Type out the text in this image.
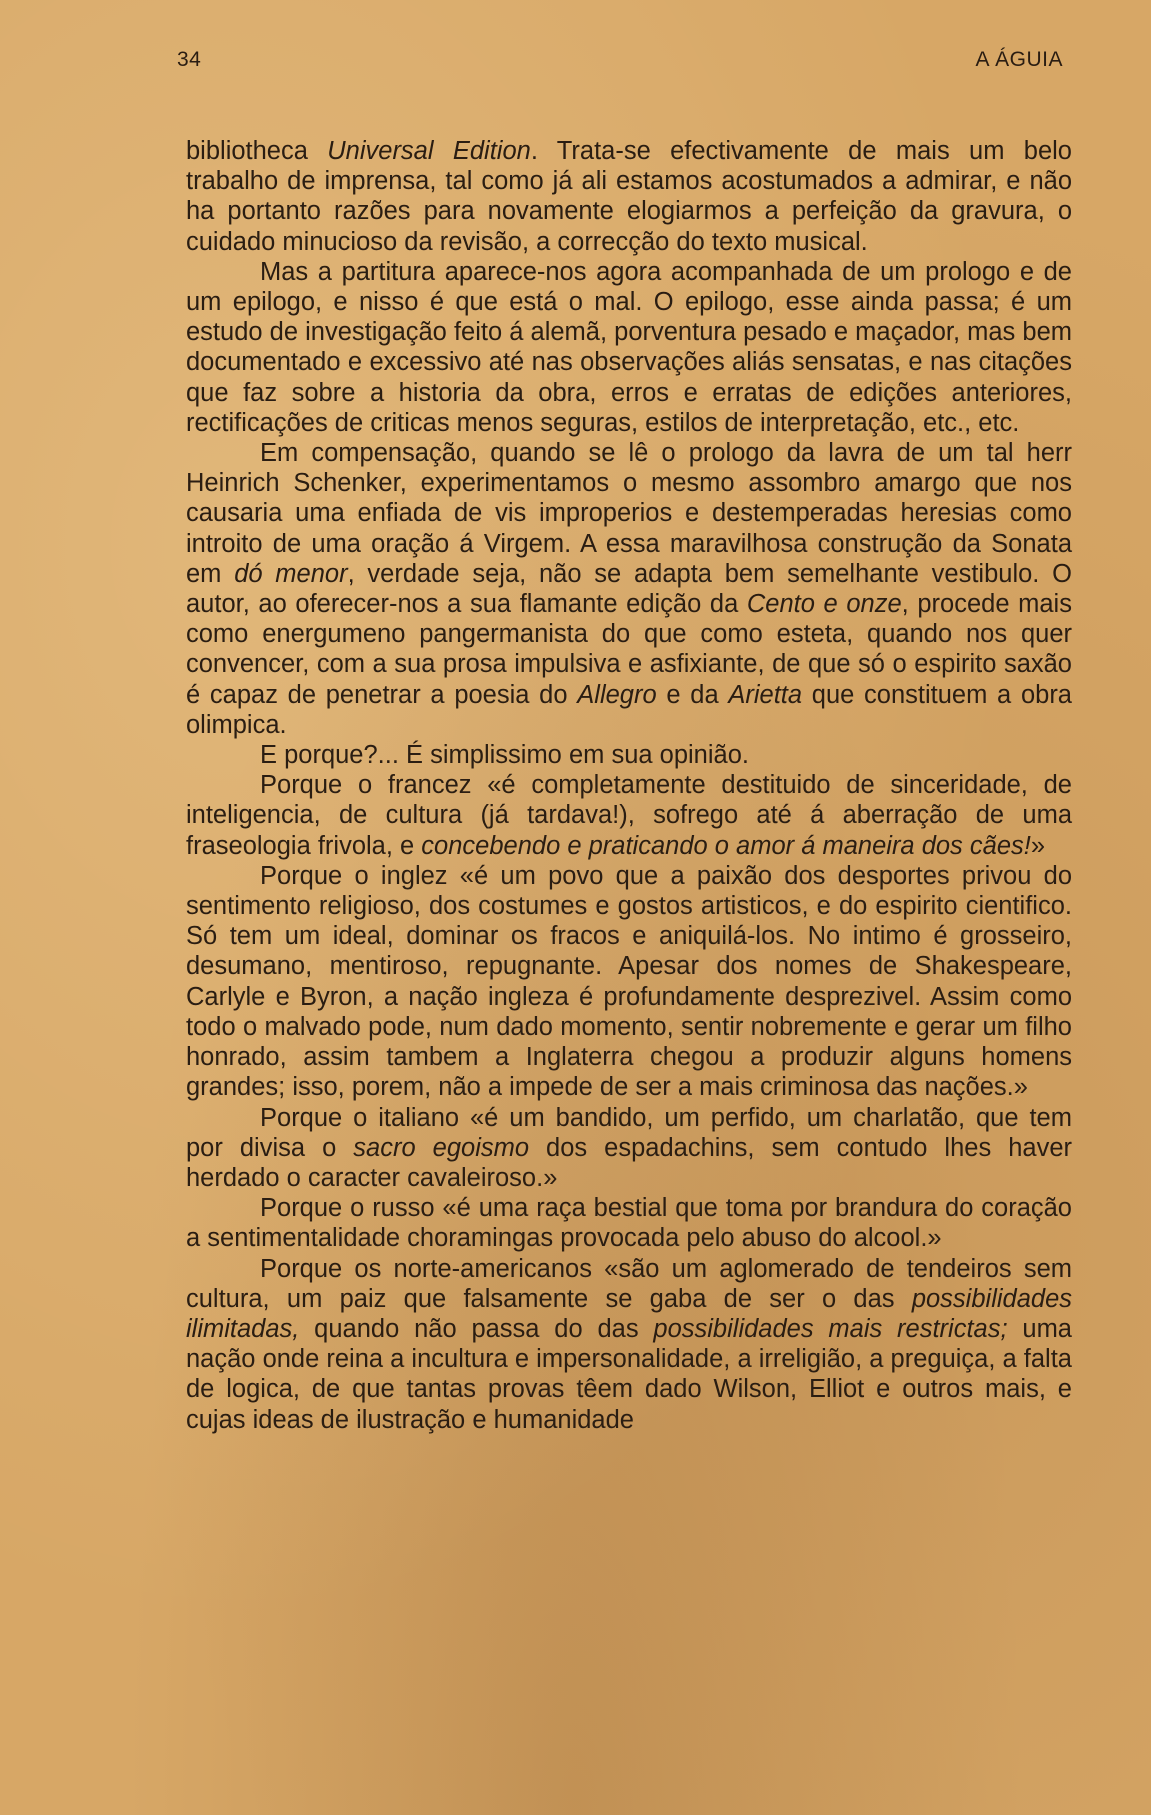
34	A ÁGUIA

bibliotheca Universal Edition. Trata-se efectivamente de mais um belo trabalho de imprensa, tal como já ali estamos acostumados a admirar, e não ha portanto razões para novamente elogiarmos a perfeição da gravura, o cuidado minucioso da revisão, a correcção do texto musical.

Mas a partitura aparece-nos agora acompanhada de um prologo e de um epilogo, e nisso é que está o mal. O epilogo, esse ainda passa; é um estudo de investigação feito á alemã, porventura pesado e maçador, mas bem documentado e excessivo até nas observações aliás sensatas, e nas citações que faz sobre a historia da obra, erros e erratas de edições anteriores, rectificações de criticas menos seguras, estilos de interpretação, etc., etc.

Em compensação, quando se lê o prologo da lavra de um tal herr Heinrich Schenker, experimentamos o mesmo assombro amargo que nos causaria uma enfiada de vis improperios e destemperadas heresias como introito de uma oração á Virgem. A essa maravilhosa construção da Sonata em dó menor, verdade seja, não se adapta bem semelhante vestibulo. O autor, ao oferecer-nos a sua flamante edição da Cento e onze, procede mais como energumeno pangermanista do que como esteta, quando nos quer convencer, com a sua prosa impulsiva e asfixiante, de que só o espirito saxão é capaz de penetrar a poesia do Allegro e da Arietta que constituem a obra olimpica.

E porque?... É simplissimo em sua opinião.

Porque o francez «é completamente destituido de sinceridade, de inteligencia, de cultura (já tardava!), sofrego até á aberração de uma fraseologia frivola, e concebendo e praticando o amor á maneira dos cães!»

Porque o inglez «é um povo que a paixão dos desportes privou do sentimento religioso, dos costumes e gostos artisticos, e do espirito cientifico. Só tem um ideal, dominar os fracos e aniquilá-los. No intimo é grosseiro, desumano, mentiroso, repugnante. Apesar dos nomes de Shakespeare, Carlyle e Byron, a nação ingleza é profundamente desprezivel. Assim como todo o malvado pode, num dado momento, sentir nobremente e gerar um filho honrado, assim tambem a Inglaterra chegou a produzir alguns homens grandes; isso, porem, não a impede de ser a mais criminosa das nações.»

Porque o italiano «é um bandido, um perfido, um charlatão, que tem por divisa o sacro egoismo dos espadachins, sem contudo lhes haver herdado o caracter cavaleiroso.»

Porque o russo «é uma raça bestial que toma por brandura do coração a sentimentalidade choramingas provocada pelo abuso do alcool.»

Porque os norte-americanos «são um aglomerado de tendeiros sem cultura, um paiz que falsamente se gaba de ser o das possibilidades ilimitadas, quando não passa do das possibilidades mais restrictas; uma nação onde reina a incultura e impersonalidade, a irreligião, a preguiça, a falta de logica, de que tantas provas têem dado Wilson, Elliot e outros mais, e cujas ideas de ilustração e humanidade
